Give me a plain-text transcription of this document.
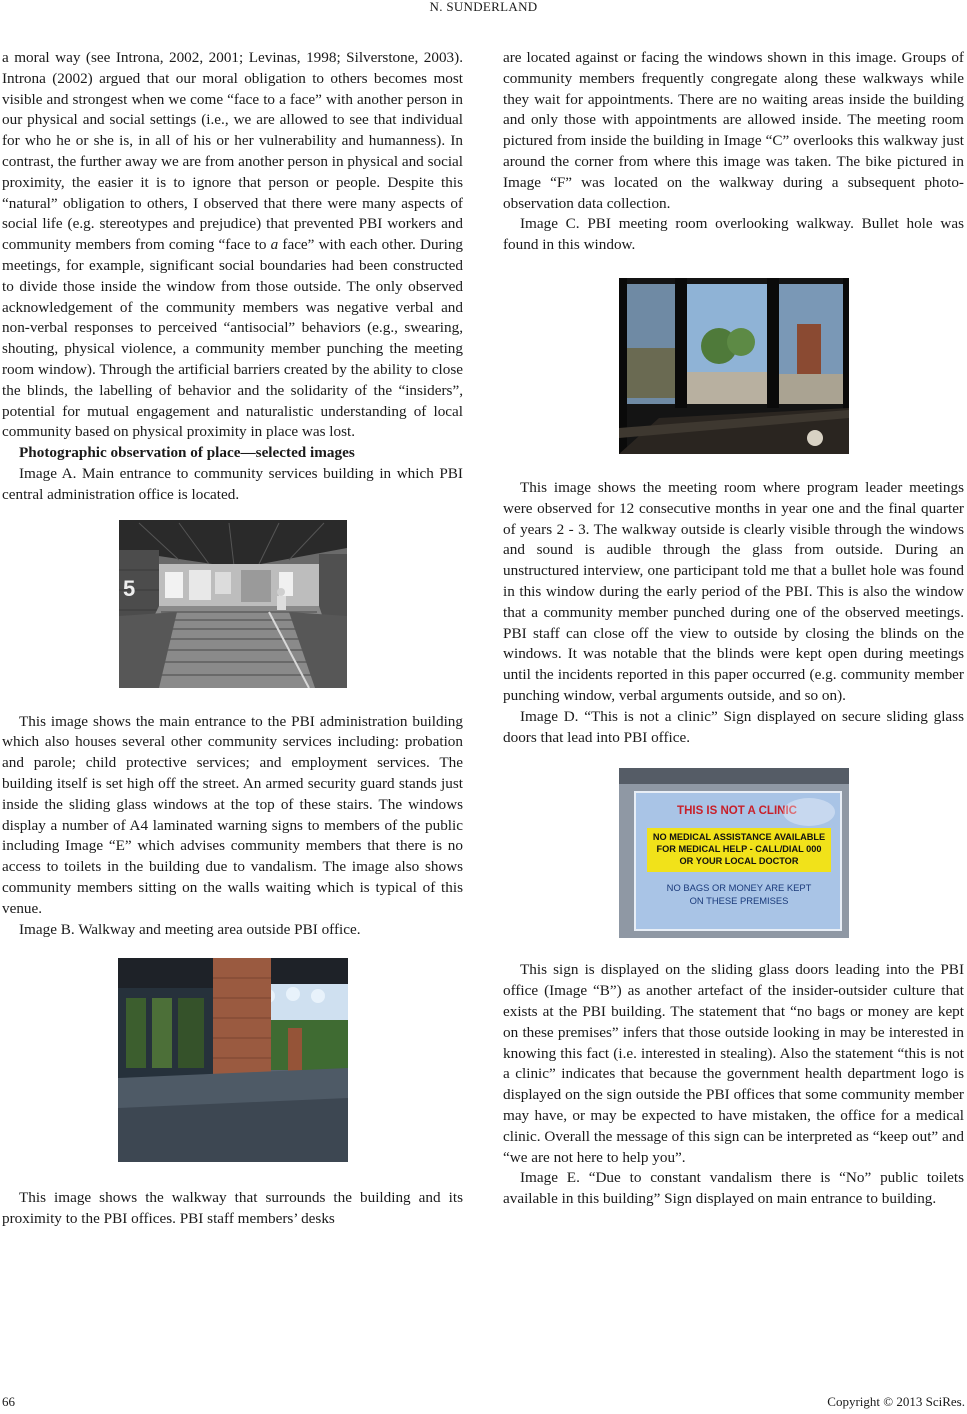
N. SUNDERLAND

a moral way (see Introna, 2002, 2001; Levinas, 1998; Silverstone, 2003). Introna (2002) argued that our moral obligation to others becomes most visible and strongest when we come “face to a face” with another person in our physical and social settings (i.e., we are allowed to see that individual for who he or she is, in all of his or her vulnerability and humanness). In contrast, the further away we are from another person in physical and social proximity, the easier it is to ignore that person or people. Despite this “natural” obligation to others, I observed that there were many aspects of social life (e.g. stereotypes and prejudice) that prevented PBI workers and community members from coming “face to a face” with each other. During meetings, for example, significant social boundaries had been constructed to divide those inside the window from those outside. The only observed acknowledgement of the community members was negative verbal and non-verbal responses to perceived “antisocial” behaviors (e.g., swearing, shouting, physical violence, a community member punching the meeting room window). Through the artificial barriers created by the ability to close the blinds, the labelling of behavior and the solidarity of the “insiders”, potential for mutual engagement and naturalistic understanding of local community based on physical proximity in place was lost.

Photographic observation of place—selected images

Image A. Main entrance to community services building in which PBI central administration office is located.

5

This image shows the main entrance to the PBI administration building which also houses several other community services including: probation and parole; child protective services; and employment services. The building itself is set high off the street. An armed security guard stands just inside the sliding glass windows at the top of these stairs. The windows display a number of A4 laminated warning signs to members of the public including Image “E” which advises community members that there is no access to toilets in the building due to vandalism. The image also shows community members sitting on the walls waiting which is typical of this venue.

Image B. Walkway and meeting area outside PBI office.

This image shows the walkway that surrounds the building and its proximity to the PBI offices. PBI staff members’ desks

are located against or facing the windows shown in this image. Groups of community members frequently congregate along these walkways while they wait for appointments. There are no waiting areas inside the building and only those with appointments are allowed inside. The meeting room pictured from inside the building in Image “C” overlooks this walkway just around the corner from where this image was taken. The bike pictured in Image “F” was located on the walkway during a subsequent photo-observation data collection.

Image C. PBI meeting room overlooking walkway. Bullet hole was found in this window.

This image shows the meeting room where program leader meetings were observed for 12 consecutive months in year one and the final quarter of years 2 - 3. The walkway outside is clearly visible through the windows and sound is audible through the glass from outside. During an unstructured interview, one participant told me that a bullet hole was found in this window during the early period of the PBI. This is also the window that a community member punched during one of the observed meetings. PBI staff can close off the view to outside by closing the blinds on the windows. It was notable that the blinds were kept open during meetings until the incidents reported in this paper occurred (e.g. community member punching window, verbal arguments outside, and so on).

Image D. “This is not a clinic” Sign displayed on secure sliding glass doors that lead into PBI office.

THIS IS NOT A CLINIC
NO MEDICAL ASSISTANCE AVAILABLE
FOR MEDICAL HELP - CALL/DIAL 000
OR YOUR LOCAL DOCTOR
NO BAGS OR MONEY ARE KEPT
ON THESE PREMISES

This sign is displayed on the sliding glass doors leading into the PBI office (Image “B”) as another artefact of the insider-outsider culture that exists at the PBI building. The statement that “no bags or money are kept on these premises” infers that those outside looking in may be interested in knowing this fact (i.e. interested in stealing). Also the statement “this is not a clinic” indicates that because the government health department logo is displayed on the sign outside the PBI offices that some community member may have, or may be expected to have mistaken, the office for a medical clinic. Overall the message of this sign can be interpreted as “keep out” and “we are not here to help you”.

Image E. “Due to constant vandalism there is “No” public toilets available in this building” Sign displayed on main entrance to building.

66	Copyright © 2013 SciRes.
